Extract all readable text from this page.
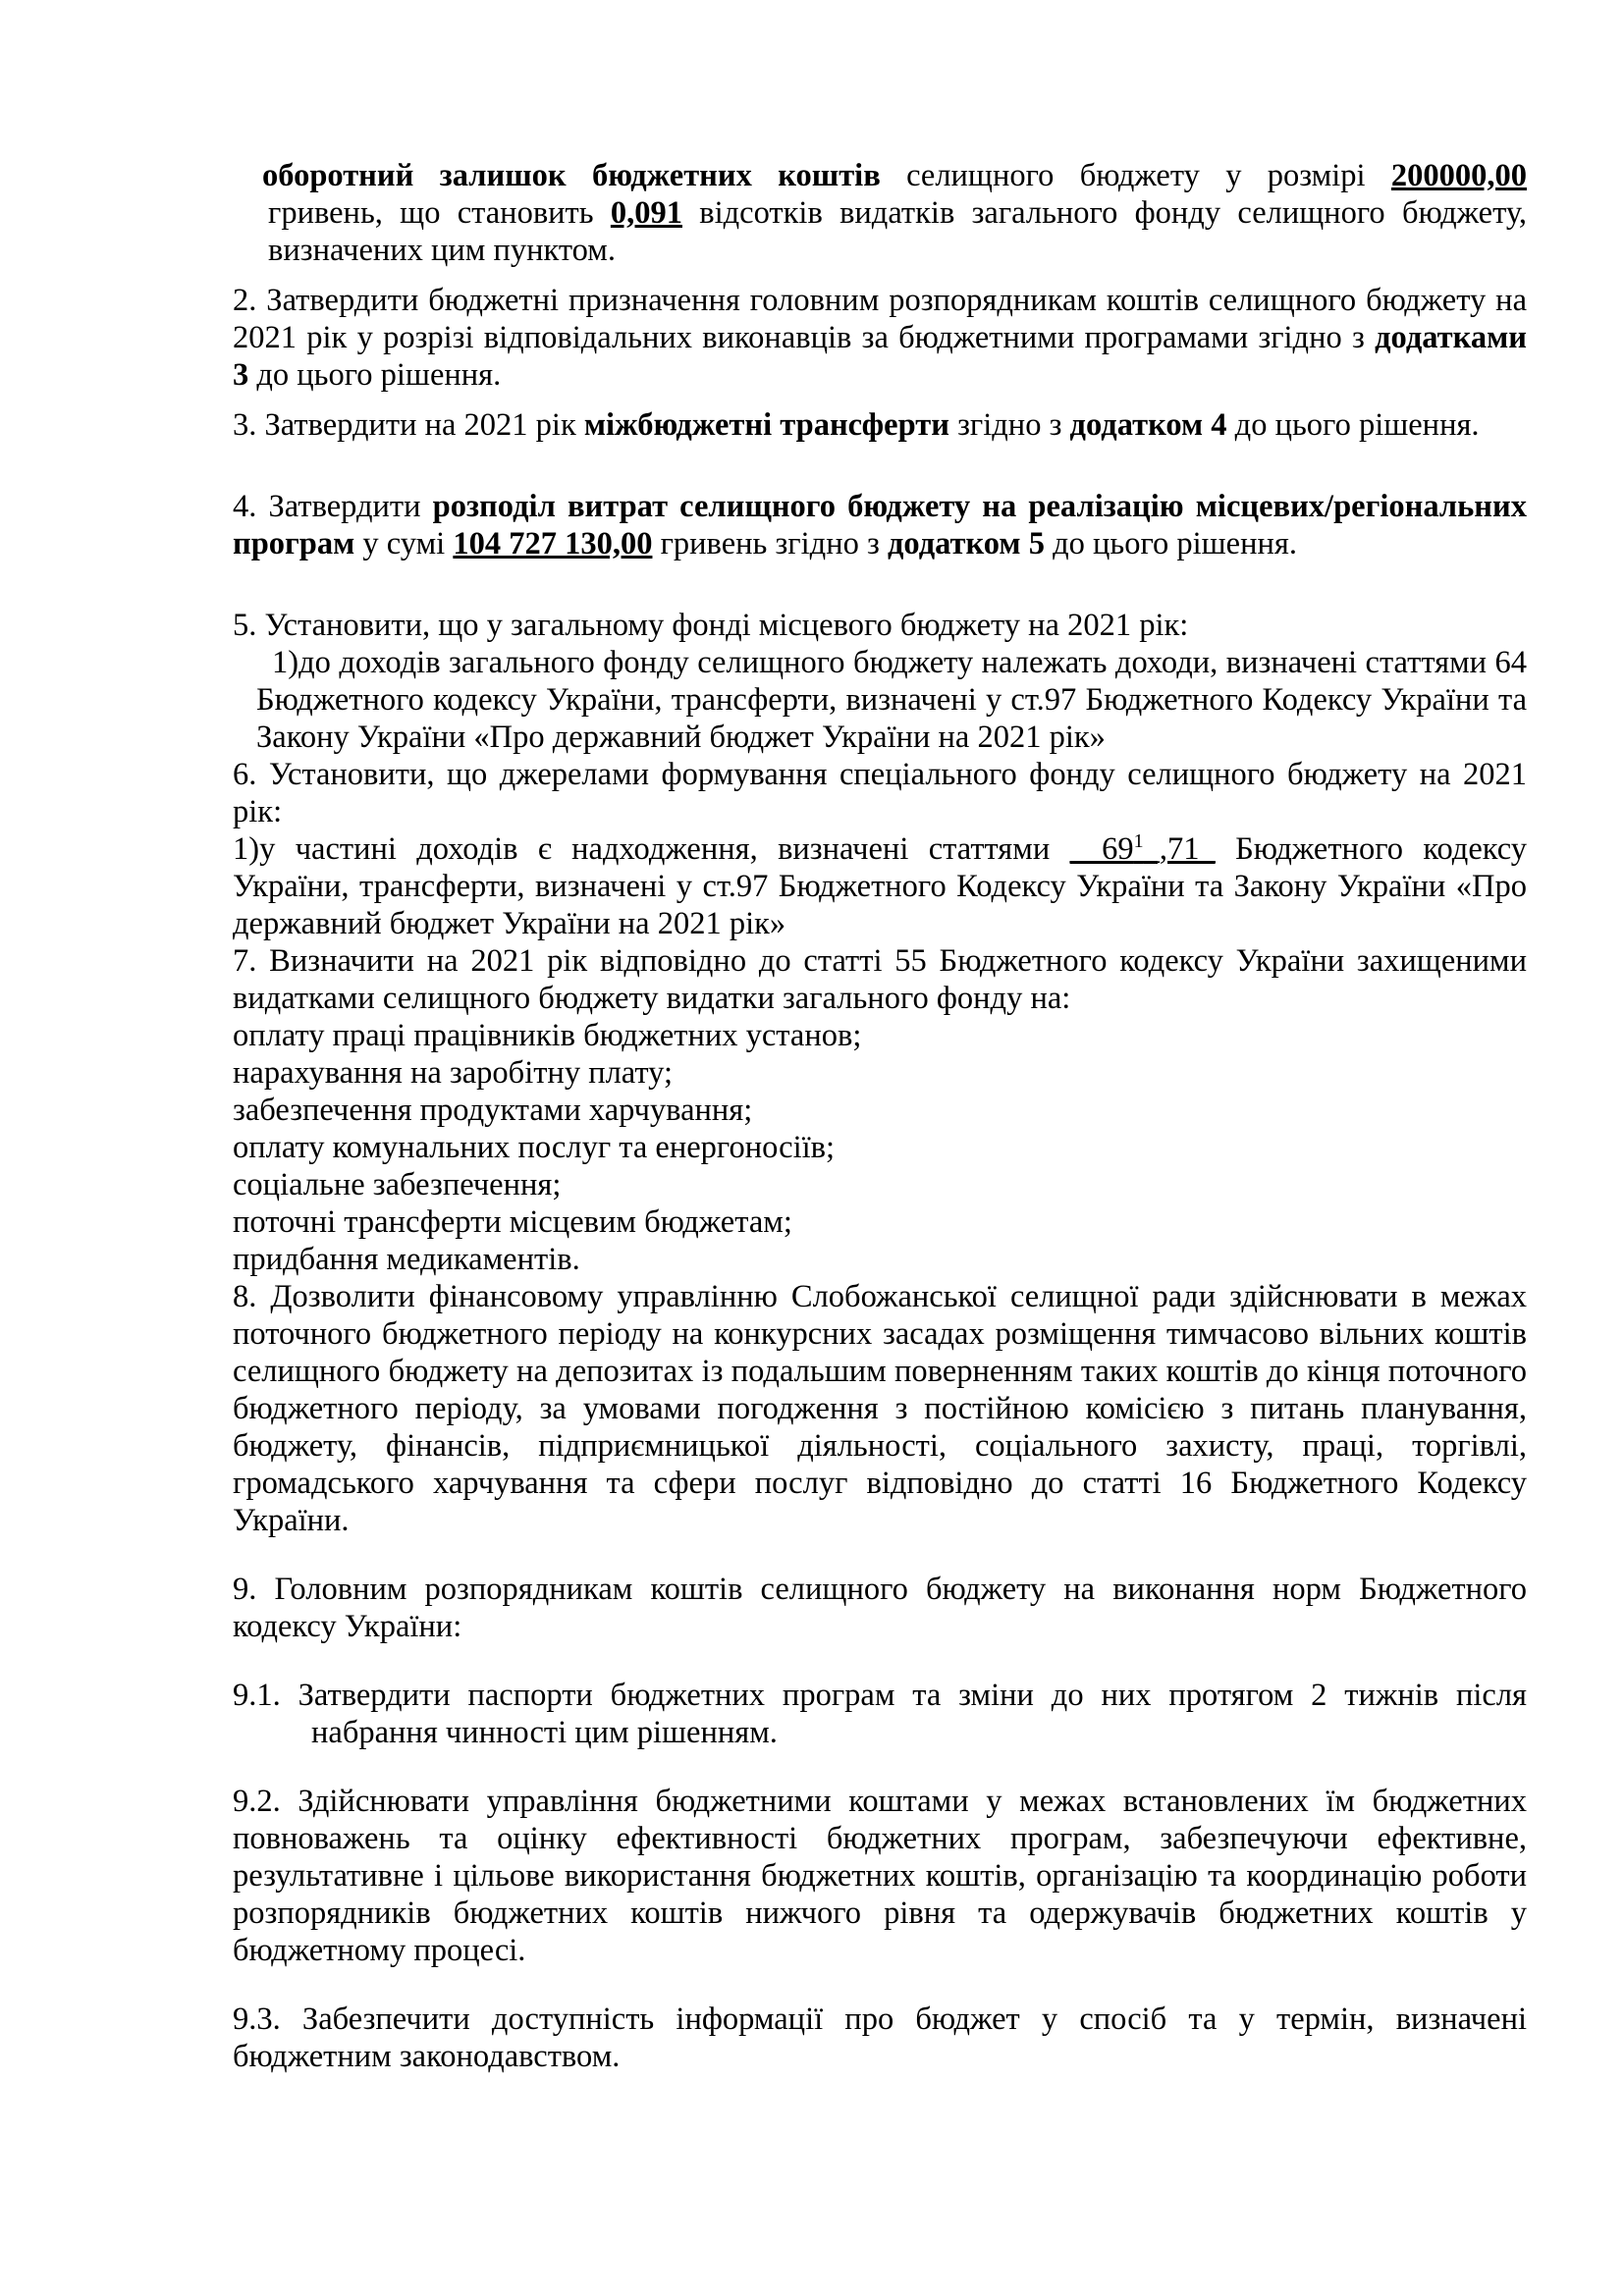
оборотний залишок бюджетних коштів селищного бюджету у розмірі 200000,00
гривень, що становить 0,091 відсотків видатків загального фонду селищного бюджету,
визначених цим пунктом.
2. Затвердити бюджетні призначення головним розпорядникам коштів селищного бюджету на 2021 рік у розрізі відповідальних виконавців за бюджетними програмами згідно з додатками 3 до цього рішення.
3. Затвердити на 2021 рік міжбюджетні трансферти згідно з додатком 4 до цього рішення.
4. Затвердити розподіл витрат селищного бюджету на реалізацію місцевих/регіональних програм у сумі 104 727 130,00 гривень згідно з додатком 5 до цього рішення.
5. Установити, що у загальному фонді місцевого бюджету на 2021 рік:
1)до доходів загального фонду селищного бюджету належать доходи, визначені статтями 64 Бюджетного кодексу України, трансферти, визначені у ст.97 Бюджетного Кодексу України та Закону України «Про державний бюджет України на 2021 рік»
6. Установити, що джерелами формування спеціального фонду селищного бюджету на 2021 рік:
1)у частині доходів є надходження, визначені статтями $\_\_69^1\_,71\_$ Бюджетного кодексу України, трансферти, визначені у ст.97 Бюджетного Кодексу України та Закону України «Про державний бюджет України на 2021 рік»
7. Визначити на 2021 рік відповідно до статті 55 Бюджетного кодексу України захищеними видатками селищного бюджету видатки загального фонду на:
оплату праці працівників бюджетних установ;
нарахування на заробітну плату;
забезпечення продуктами харчування;
оплату комунальних послуг та енергоносіїв;
соціальне забезпечення;
поточні трансферти місцевим бюджетам;
придбання медикаментів.
8. Дозволити фінансовому управлінню Слобожанської селищної ради здійснювати в межах поточного бюджетного періоду на конкурсних засадах розміщення тимчасово вільних коштів селищного бюджету на депозитах із подальшим поверненням таких коштів до кінця поточного бюджетного періоду, за умовами погодження з постійною комісією з питань планування, бюджету, фінансів, підприємницької діяльності, соціального захисту, праці, торгівлі, громадського харчування та сфери послуг відповідно до статті 16 Бюджетного Кодексу України.
9. Головним розпорядникам коштів селищного бюджету на виконання норм Бюджетного кодексу України:
9.1. Затвердити паспорти бюджетних програм та зміни до них протягом 2 тижнів після набрання чинності цим рішенням.
9.2. Здійснювати управління бюджетними коштами у межах встановлених їм бюджетних повноважень та оцінку ефективності бюджетних програм, забезпечуючи ефективне, результативне і цільове використання бюджетних коштів, організацію та координацію роботи розпорядників бюджетних коштів нижчого рівня та одержувачів бюджетних коштів у бюджетному процесі.
9.3. Забезпечити доступність інформації про бюджет у спосіб та у термін, визначені бюджетним законодавством.
